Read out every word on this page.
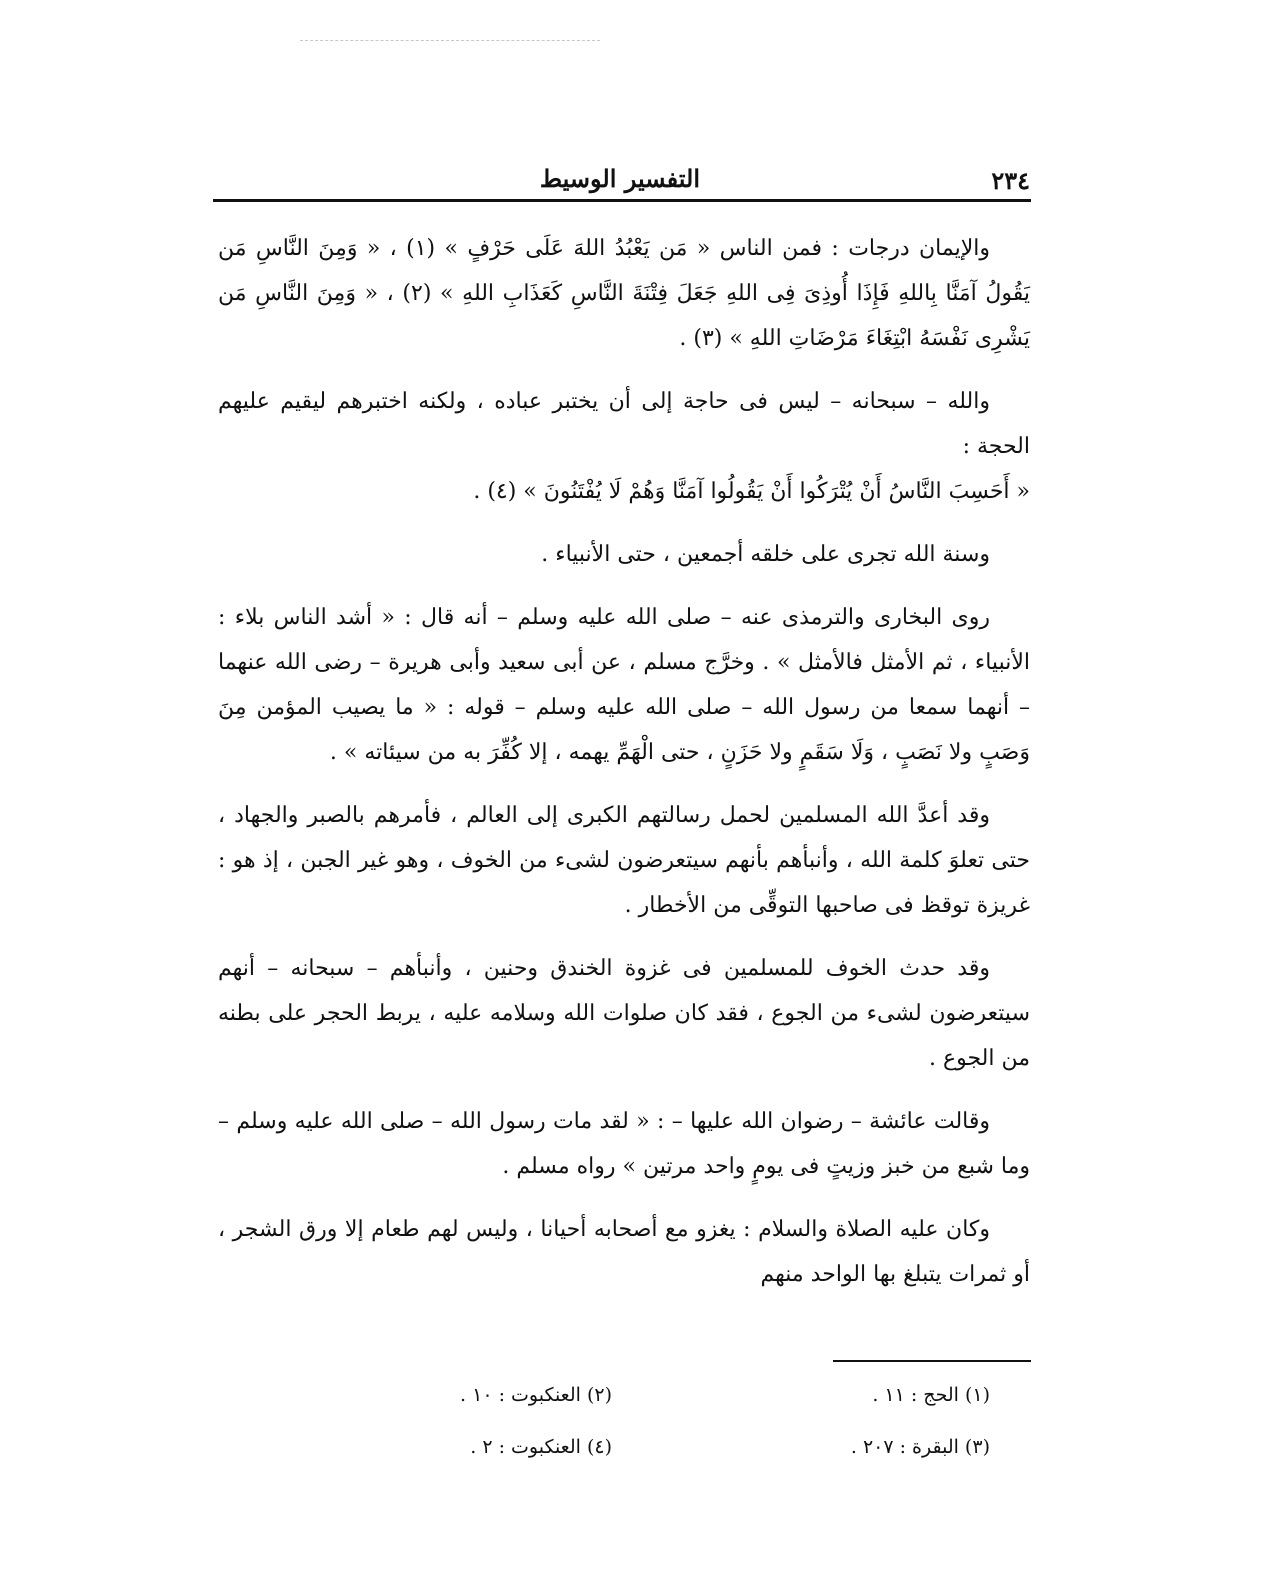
٢٣٤
التفسير الوسيط

والإيمان درجات : فمن الناس « مَن يَعْبُدُ اللهَ عَلَى حَرْفٍ » (١) ، « وَمِنَ النَّاسِ مَن يَقُولُ آمَنَّا بِاللهِ فَإِذَا أُوذِىَ فِى اللهِ جَعَلَ فِتْنَةَ النَّاسِ كَعَذَابِ اللهِ » (٢) ، « وَمِنَ النَّاسِ مَن يَشْرِى نَفْسَهُ ابْتِغَاءَ مَرْضَاتِ اللهِ » (٣) .

والله – سبحانه – ليس فى حاجة إلى أن يختبر عباده ، ولكنه اختبرهم ليقيم عليهم الحجة :

« أَحَسِبَ النَّاسُ أَنْ يُتْرَكُوا أَنْ يَقُولُوا آمَنَّا وَهُمْ لَا يُفْتَنُونَ » (٤) .

وسنة الله تجرى على خلقه أجمعين ، حتى الأنبياء .

روى البخارى والترمذى عنه – صلى الله عليه وسلم – أنه قال : « أشد الناس بلاء : الأنبياء ، ثم الأمثل فالأمثل » . وخرَّج مسلم ، عن أبى سعيد وأبى هريرة – رضى الله عنهما – أنهما سمعا من رسول الله – صلى الله عليه وسلم – قوله : « ما يصيب المؤمن مِنَ وَصَبٍ ولا نَصَبٍ ، وَلَا سَقَمٍ ولا حَزَنٍ ، حتى الْهَمِّ يهمه ، إلا كُفِّرَ به من سيئاته » .

وقد أعدَّ الله المسلمين لحمل رسالتهم الكبرى إلى العالم ، فأمرهم بالصبر والجهاد ، حتى تعلوَ كلمة الله ، وأنبأهم بأنهم سيتعرضون لشىء من الخوف ، وهو غير الجبن ، إذ هو : غريزة توقظ فى صاحبها التوقِّى من الأخطار .

وقد حدث الخوف للمسلمين فى غزوة الخندق وحنين ، وأنبأهم – سبحانه – أنهم سيتعرضون لشىء من الجوع ، فقد كان صلوات الله وسلامه عليه ، يربط الحجر على بطنه من الجوع .

وقالت عائشة – رضوان الله عليها – : « لقد مات رسول الله – صلى الله عليه وسلم – وما شبع من خبز وزيتٍ فى يومٍ واحد مرتين » رواه مسلم .

وكان عليه الصلاة والسلام : يغزو مع أصحابه أحيانا ، وليس لهم طعام إلا ورق الشجر ، أو ثمرات يتبلغ بها الواحد منهم

(١) الحج : ١١ .
(٢) العنكبوت : ١٠ .
(٣) البقرة : ٢٠٧ .
(٤) العنكبوت : ٢ .
